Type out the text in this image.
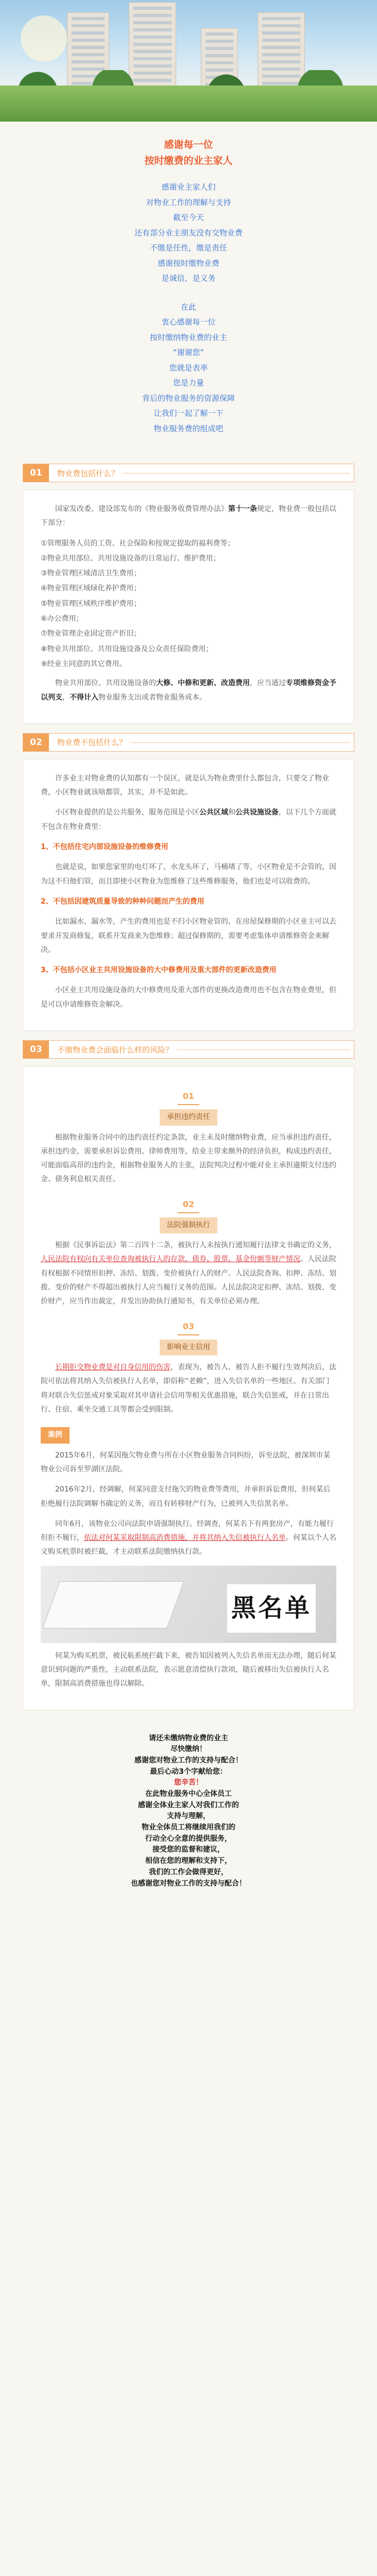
感谢每一位
按时缴费的业主家人
感谢业主家人们
对物业工作的理解与支持
截至今天
还有部分业主朋友没有交物业费
不缴是任性，缴是责任
感谢按时缴物业费
是诚信，是义务
在此
衷心感谢每一位
按时缴纳物业费的业主
“谢谢您”
您就是表率
您是力量
背后的物业服务的资源保障
让我们一起了解一下
物业服务费的组成吧
01	物业费包括什么？

国家发改委、建设部发布的《物业服务收费管理办法》第十一条规定，物业费一般包括以下部分：

①管理服务人员的工资、社会保险和按规定提取的福利费等；
②物业共用部位、共用设施设备的日常运行、维护费用；
③物业管理区域清洁卫生费用；
④物业管理区域绿化养护费用；
⑤物业管理区域秩序维护费用；
⑥办公费用；
⑦物业管理企业固定资产折旧；
⑧物业共用部位、共用设施设备及公众责任保险费用；
⑨经业主同意的其它费用。

物业共用部位、共用设施设备的大修、中修和更新、改造费用，应当通过专项维修资金予以列支，不得计入物业服务支出或者物业服务成本。

02	物业费不包括什么？

许多业主对物业费的认知都有一个误区，就是认为物业费里什么都包含，只要交了物业费，小区物业就该啥都管，其实，并不是如此。

小区物业提供的是公共服务，服务范围是小区公共区域和公共设施设备，以下几个方面就不包含在物业费里：

1、不包括住宅内部设施设备的维修费用

也就是说，如果您家里的电灯坏了，水龙头坏了，马桶堵了等，小区物业是不会管的，因为这不归他们管，而且即使小区物业为您维修了这些维修服务，他们也是可以收费的。

2、不包括因建筑质量导致的种种问题而产生的费用

比如漏水、漏水等，产生的费用也是不归小区物业管的，在房屋保修期的小区业主可以去要求开发商修复，联系开发商来为您维修；超过保修期的，需要考虑集体申请维修资金来解决。

3、不包括小区业主共用设施设备的大中修费用及重大部件的更新改造费用

小区业主共用设施设备的大中修费用及重大部件的更换改造费用也不包含在物业费里，但是可以申请维修资金解决。

03	不缴物业费会面临什么样的风险？
01
承担违约责任

根据物业服务合同中的违约责任约定条款，业主未及时缴纳物业费，应当承担违约责任，承担违约金，需要承担诉讼费用、律师费用等，给业主带来额外的经济负担，构成违约责任，可能面临高昂的违约金，根据物业服务人的主张，法院判决过程中能对业主承担逾期支付违约金、债务利息相关责任。

02
法院强制执行

根据《民事诉讼法》第二百四十二条，被执行人未按执行通知履行法律文书确定的义务，人民法院有权向有关单位查询被执行人的存款、债券、股票、基金份额等财产情况。人民法院有权根据不同情形扣押、冻结、划拨、变价被执行人的财产。人民法院查询、扣押、冻结、划拨、变价的财产不得超出被执行人应当履行义务的范围。人民法院决定扣押、冻结、划拨、变价财产，应当作出裁定，并发出协助执行通知书，有关单位必须办理。

03
影响业主信用

长期拒交物业费是对自身信用的伤害，表现为，被告人、被告人拒不履行生效判决后，法院可依法将其纳入失信被执行人名单，即俗称“老赖”，进入失信名单的一些地区、有关部门将对联合失信惩戒对象采取对其申请社会信用等相关优惠措施，联合失信惩戒，并在日常出行、住宿、乘坐交通工具等都会受到限制。

案例

2015年6月，何某因拖欠物业费与所在小区物业服务合同纠纷，诉至法院，被深圳市某物业公司诉至罗湖区法院。

2016年2月，经调解，何某同意支付拖欠的物业费等费用，并承担诉讼费用，但何某后拒绝履行法院调解书确定的义务，而且有转移财产行为，已被列入失信黑名单。

同年6月，该物业公司向法院申请强制执行。经调查，何某名下有两套房产，有能力履行但拒不履行，依法对何某采取限制高消费措施，并将其纳入失信被执行人名单。何某以个人名义购买机票时被拦截，才主动联系法院缴纳执行款。

黑名单

何某为购买机票，被民航系统拦截下来，被告知因被列入失信名单而无法办理，随后何某意识到问题的严重性，主动联系法院，表示愿意清偿执行款项，随后被移出失信被执行人名单，限制高消费措施也得以解除。

请还未缴纳物业费的业主
尽快缴纳！
感谢您对物业工作的支持与配合！
最后心动3个字献给您：
您辛苦！
在此物业服务中心全体员工
感谢全体业主家人对我们工作的
支持与理解，
物业全体员工将继续用我们的
行动全心全意的提供服务，
接受您的监督和建议，
相信在您的理解和支持下，
我们的工作会做得更好，
也感谢您对物业工作的支持与配合！
